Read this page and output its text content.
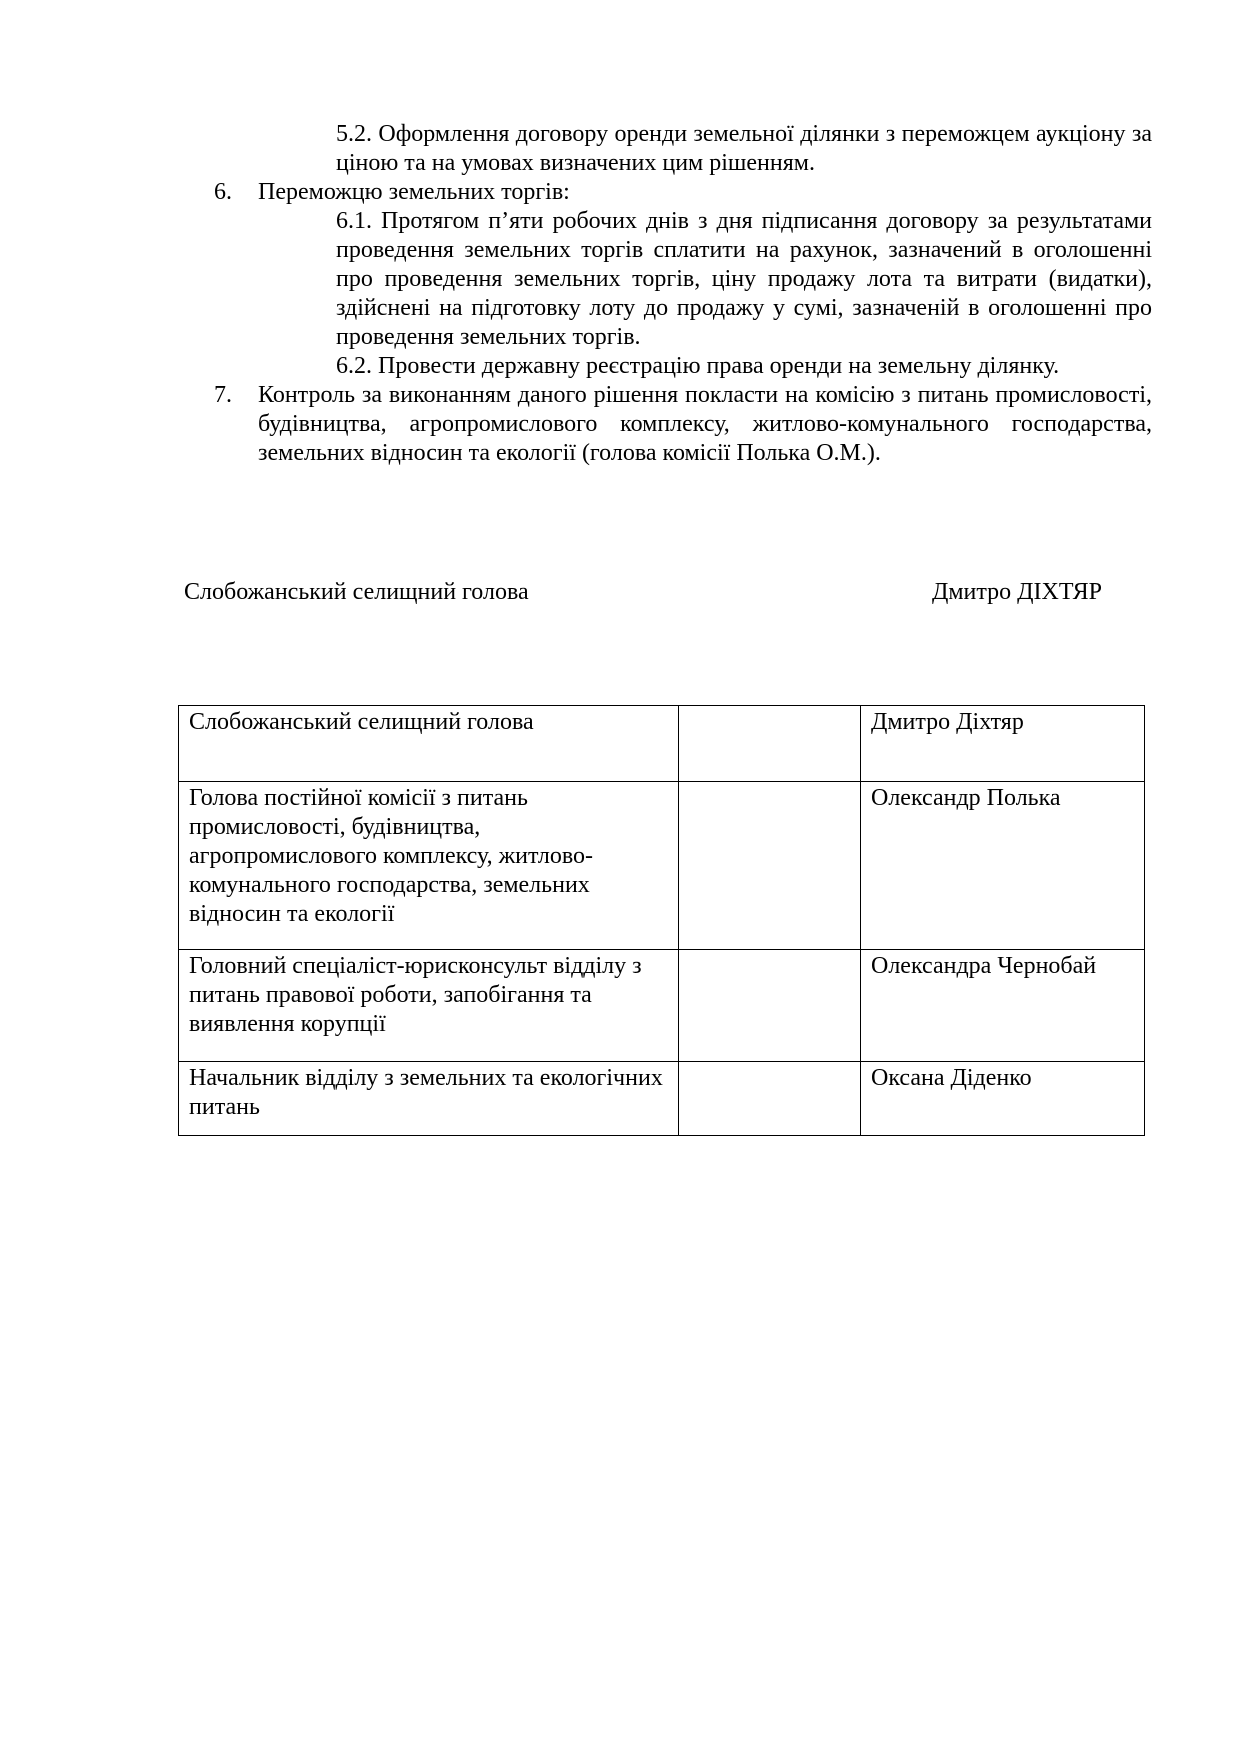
5.2. Оформлення договору оренди земельної ділянки з переможцем аукціону за ціною та на умовах визначених цим рішенням.

6. Переможцю земельних торгів:

6.1. Протягом п’яти робочих днів з дня підписання договору за результатами проведення земельних торгів сплатити на рахунок, зазначений в оголошенні про проведення земельних торгів, ціну продажу лота та витрати (видатки), здійснені на підготовку лоту до продажу у сумі, зазначеній в оголошенні про проведення земельних торгів.

6.2. Провести державну реєстрацію права оренди на земельну ділянку.

7. Контроль за виконанням даного рішення покласти на комісію з питань промисловості, будівництва, агропромислового комплексу, житлово-комунального господарства, земельних відносин та екології (голова комісії Полька О.М.).

Слобожанський селищний голова	Дмитро ДІХТЯР
Слобожанський селищний голова		Дмитро Діхтяр
Голова постійної комісії з питань промисловості, будівництва, агропромислового комплексу, житлово-комунального господарства, земельних відносин та екології		Олександр Полька
Головний спеціаліст-юрисконсульт відділу з питань правової роботи, запобігання та виявлення корупції		Олександра Чернобай
Начальник відділу з земельних та екологічних питань		Оксана Діденко
